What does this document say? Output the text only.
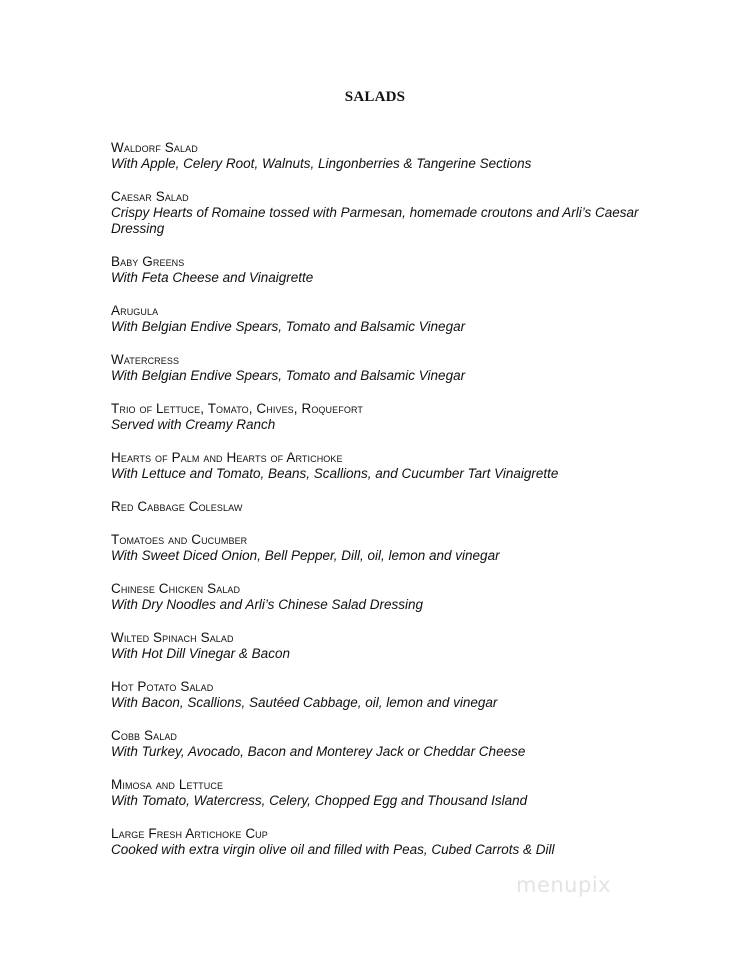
SALADS
Waldorf Salad
With Apple, Celery Root, Walnuts, Lingonberries & Tangerine Sections
Caesar Salad
Crispy Hearts of Romaine tossed with Parmesan, homemade croutons and Arli’s Caesar Dressing
Baby Greens
With Feta Cheese and Vinaigrette
Arugula
With Belgian Endive Spears, Tomato and Balsamic Vinegar
Watercress
With Belgian Endive Spears, Tomato and Balsamic Vinegar
Trio of Lettuce, Tomato, Chives, Roquefort
Served with Creamy Ranch
Hearts of Palm and Hearts of Artichoke
With Lettuce and Tomato, Beans, Scallions, and Cucumber Tart Vinaigrette
Red Cabbage Coleslaw
Tomatoes and Cucumber
With Sweet Diced Onion, Bell Pepper, Dill, oil, lemon and vinegar
Chinese Chicken Salad
With Dry Noodles and Arli’s Chinese Salad Dressing
Wilted Spinach Salad
With Hot Dill Vinegar & Bacon
Hot Potato Salad
With Bacon, Scallions, Sautéed Cabbage, oil, lemon and vinegar
Cobb Salad
With Turkey, Avocado, Bacon and Monterey Jack or Cheddar Cheese
Mimosa and Lettuce
With Tomato, Watercress, Celery, Chopped Egg and Thousand Island
Large Fresh Artichoke Cup
Cooked with extra virgin olive oil and filled with Peas, Cubed Carrots & Dill
menupix
